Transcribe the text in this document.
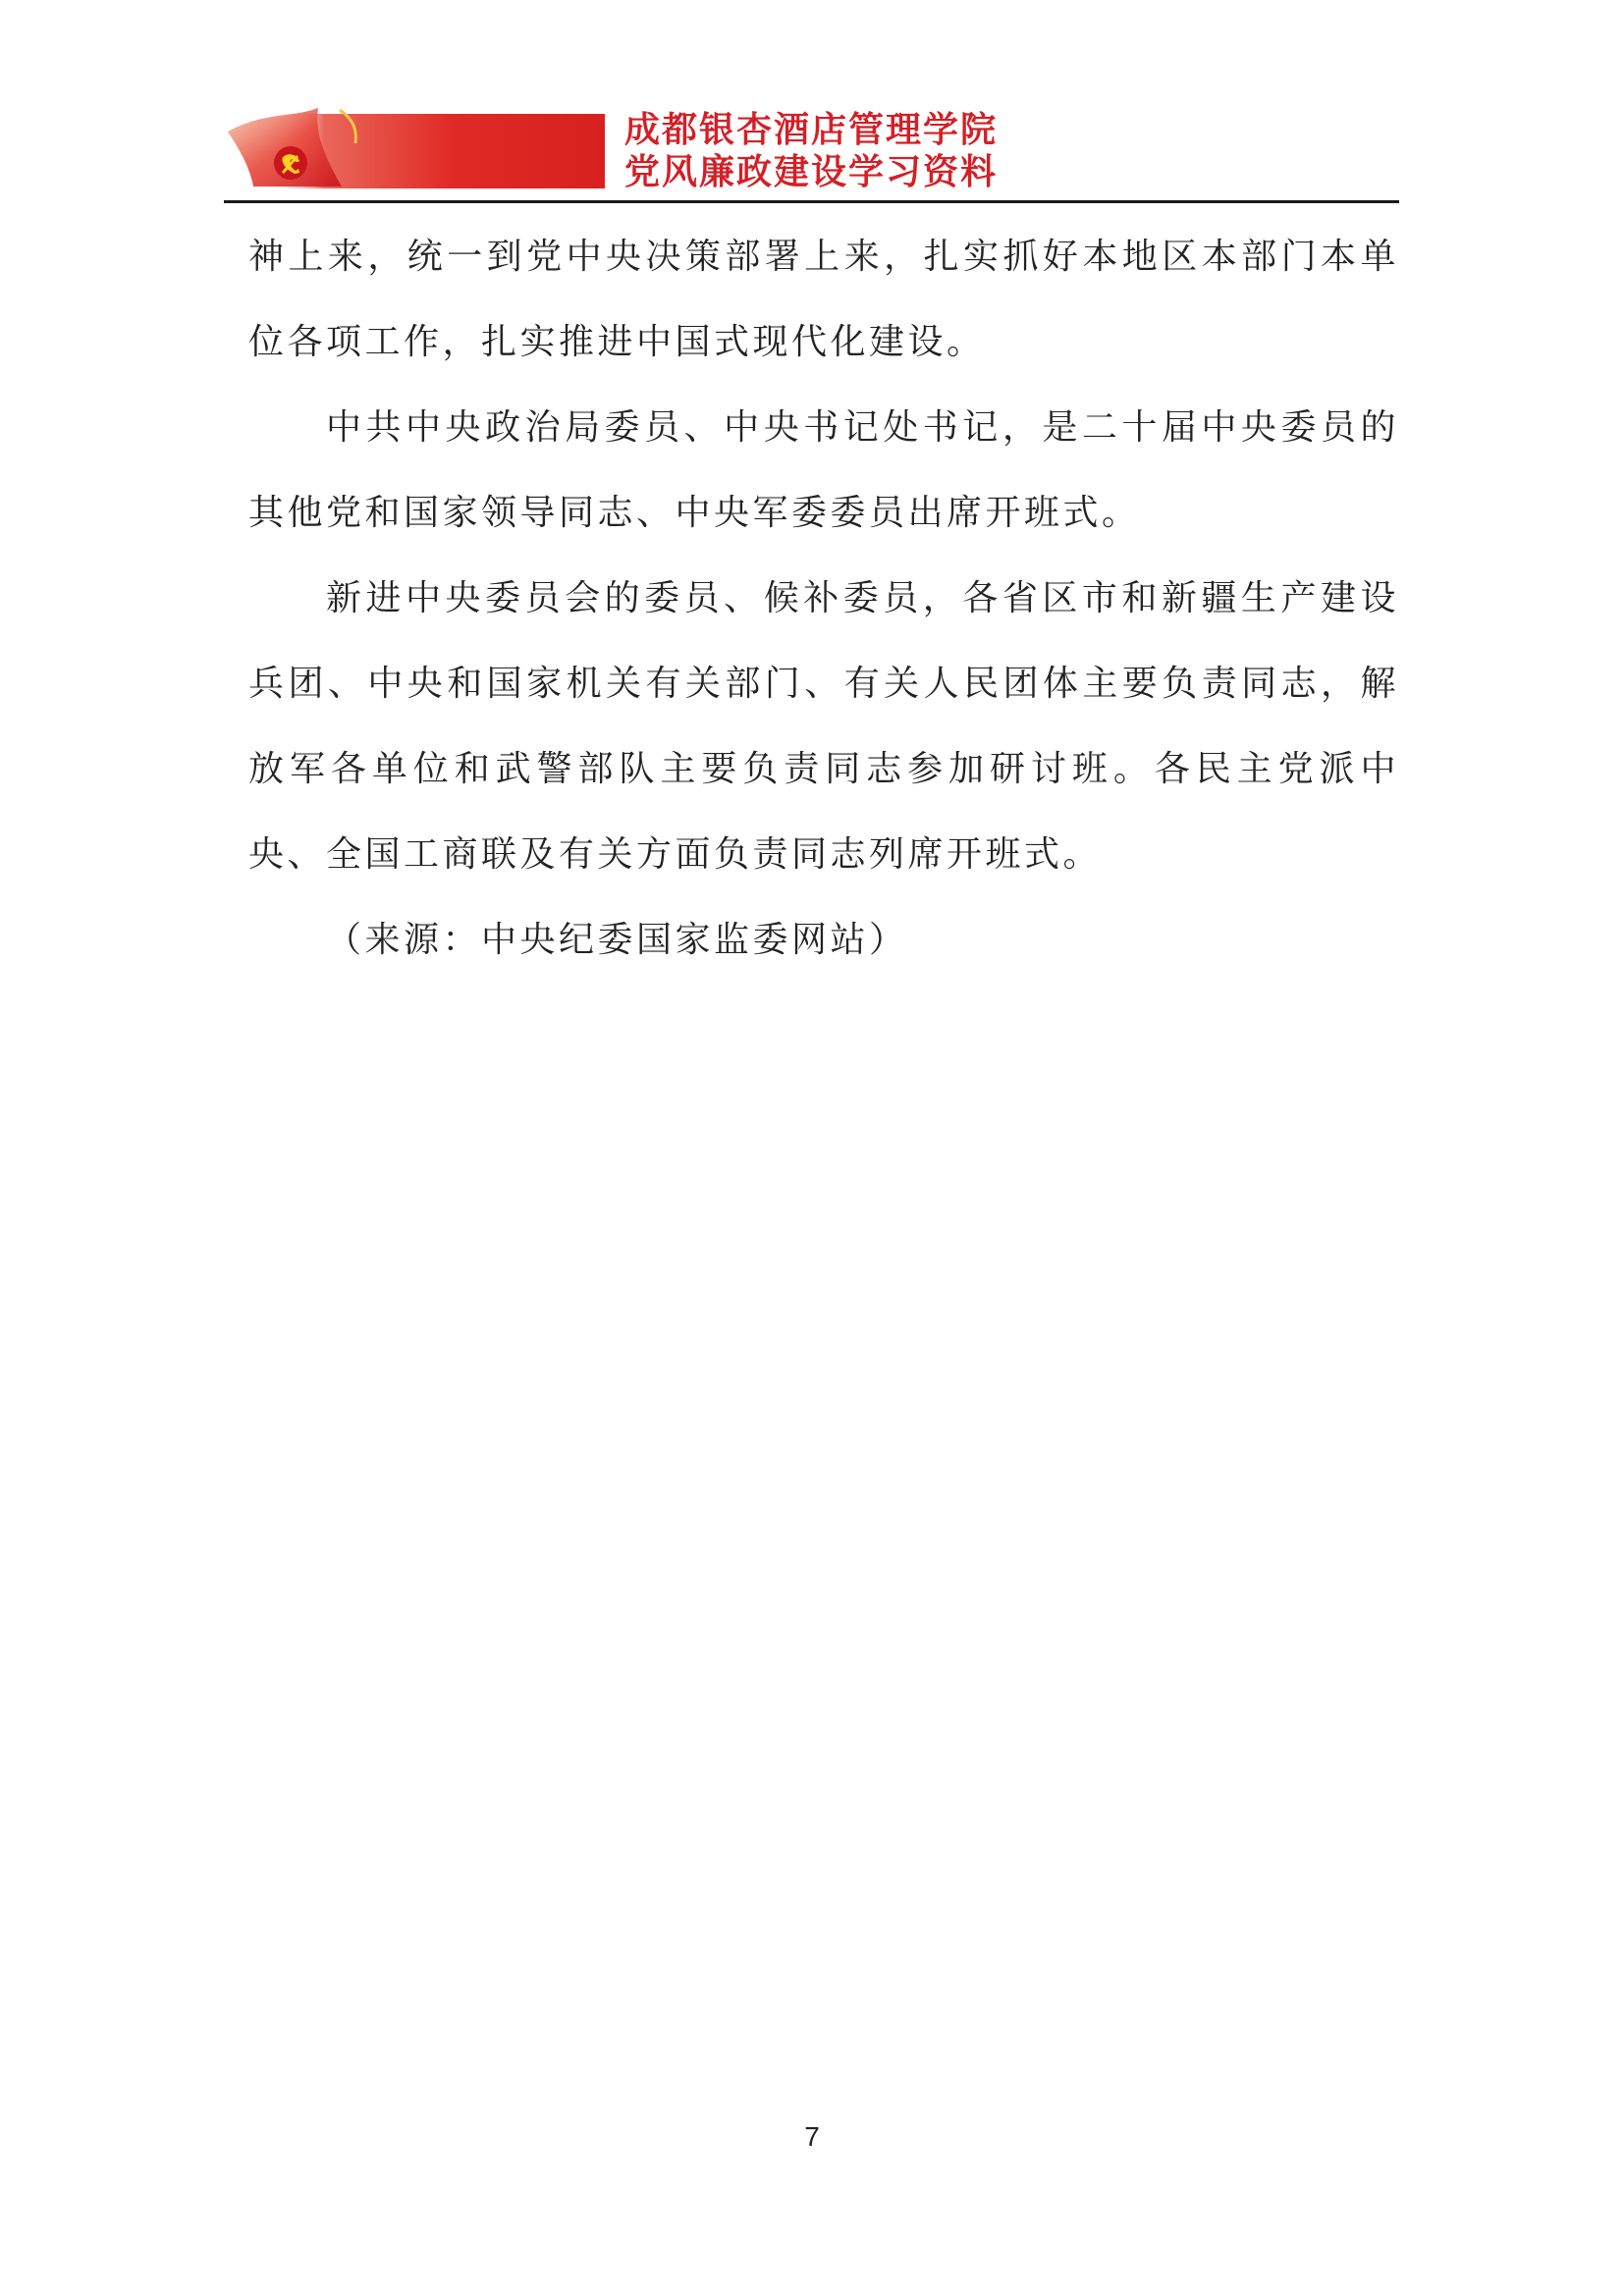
成都银杏酒店管理学院
党风廉政建设学习资料

神上来，统一到党中央决策部署上来，扎实抓好本地区本部门本单位各项工作，扎实推进中国式现代化建设。

中共中央政治局委员、中央书记处书记，是二十届中央委员的其他党和国家领导同志、中央军委委员出席开班式。

新进中央委员会的委员、候补委员，各省区市和新疆生产建设兵团、中央和国家机关有关部门、有关人民团体主要负责同志，解放军各单位和武警部队主要负责同志参加研讨班。各民主党派中央、全国工商联及有关方面负责同志列席开班式。

（来源：中央纪委国家监委网站）

7
